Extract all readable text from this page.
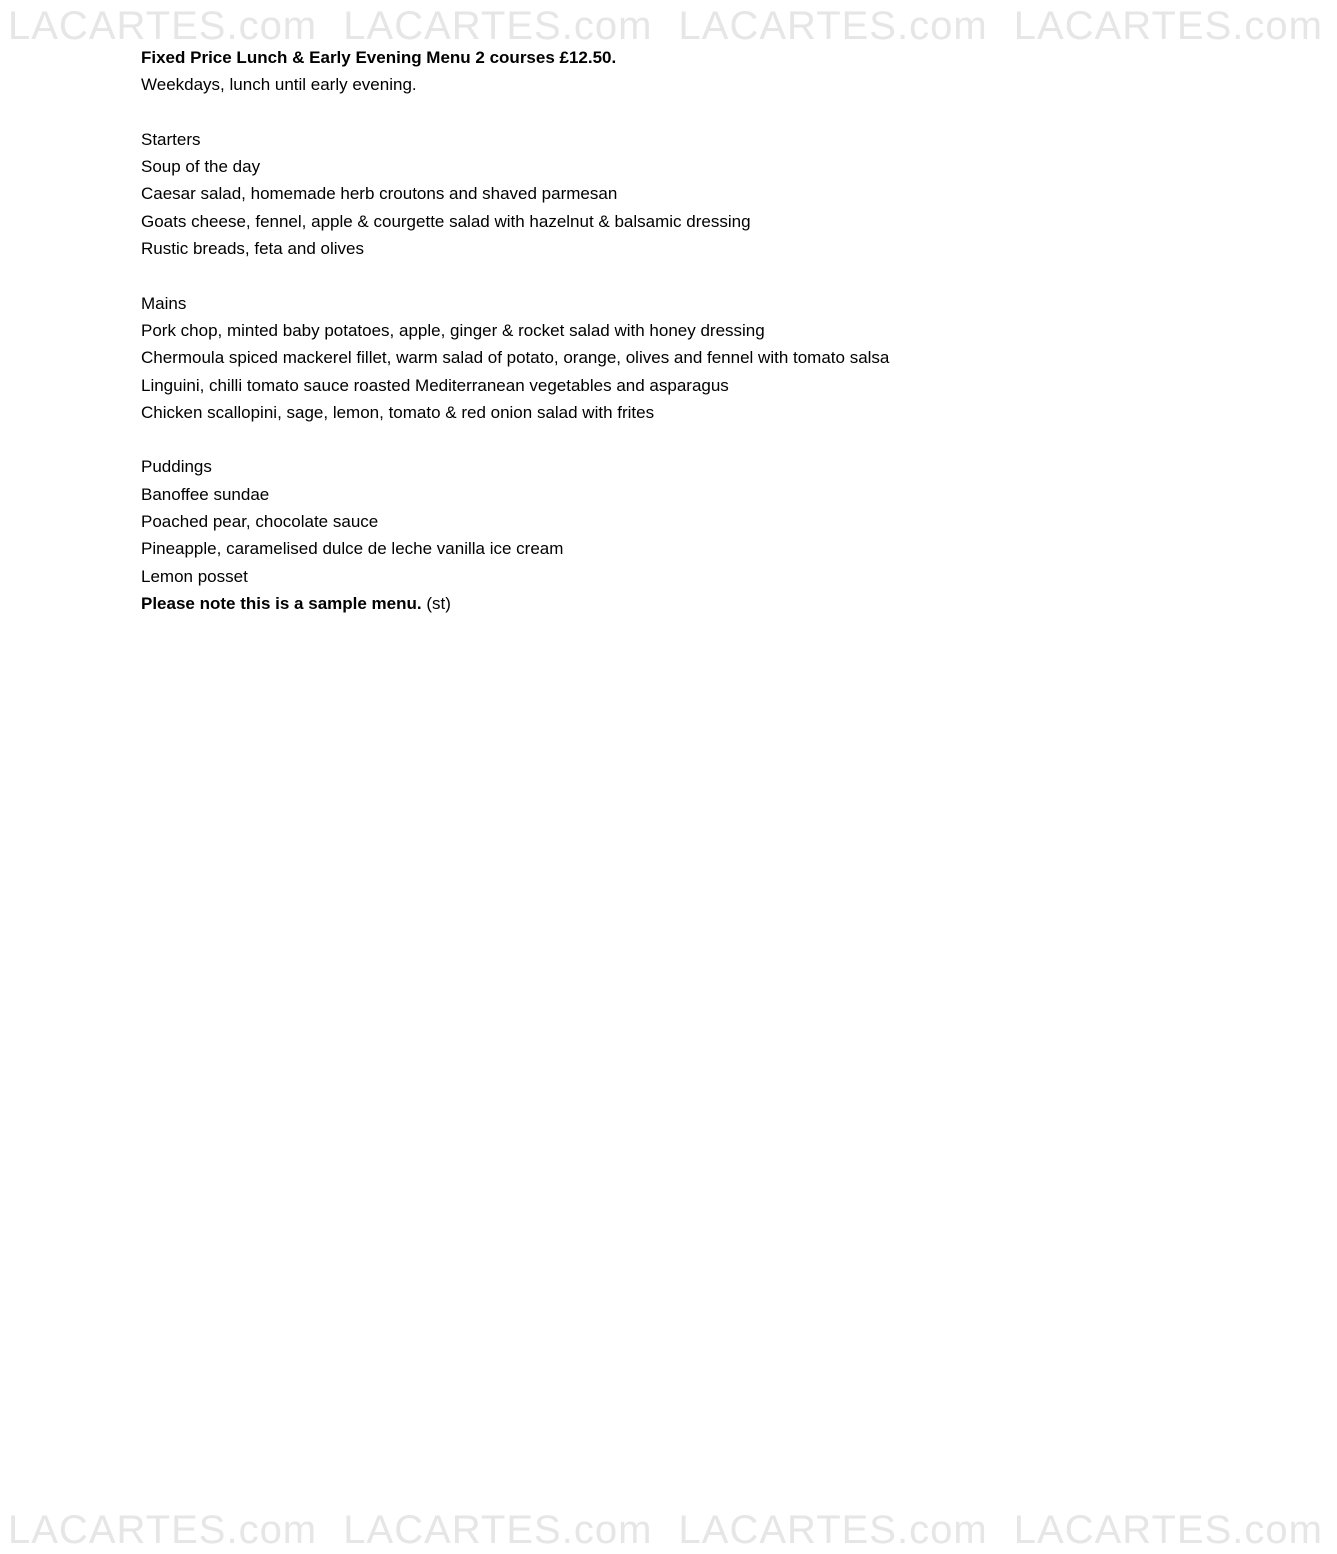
LACARTES.com LACARTES.com LACARTES.com LACARTES.com
Fixed Price Lunch & Early Evening Menu 2 courses £12.50.
Weekdays, lunch until early evening.
Starters
Soup of the day
Caesar salad, homemade herb croutons and shaved parmesan
Goats cheese, fennel, apple & courgette salad with hazelnut & balsamic dressing
Rustic breads, feta and olives
Mains
Pork chop, minted baby potatoes, apple, ginger & rocket salad with honey dressing
Chermoula spiced mackerel fillet, warm salad of potato, orange, olives and fennel with tomato salsa
Linguini, chilli tomato sauce roasted Mediterranean vegetables and asparagus
Chicken scallopini, sage, lemon, tomato & red onion salad with frites
Puddings
Banoffee sundae
Poached pear, chocolate sauce
Pineapple, caramelised dulce de leche vanilla ice cream
Lemon posset
Please note this is a sample menu. (st)
LACARTES.com LACARTES.com LACARTES.com LACARTES.com
